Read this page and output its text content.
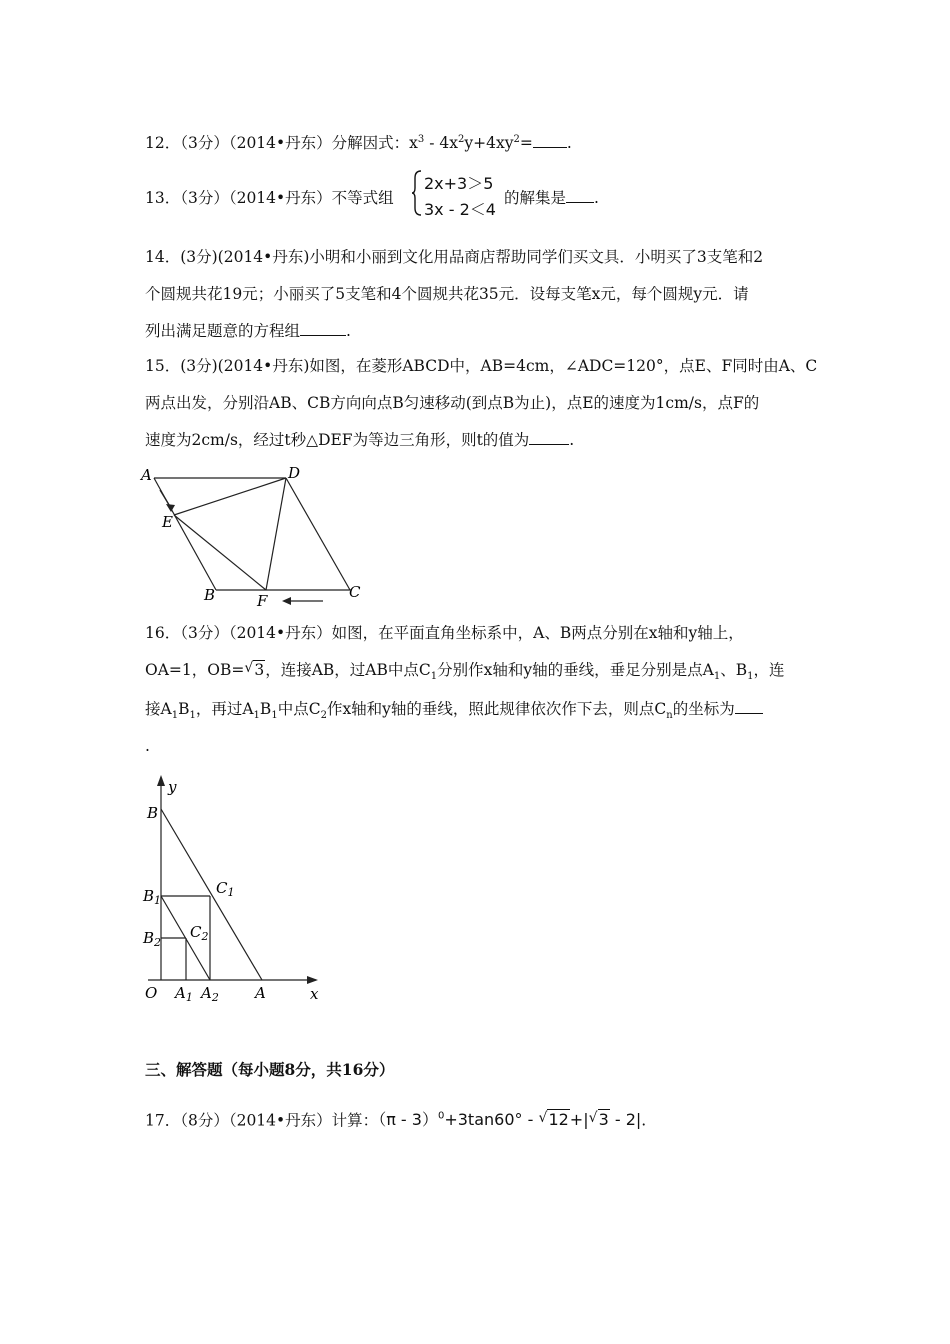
12．（3分）（2014•丹东）分解因式：$x^3 - 4x^2y+4xy^2=$ .
13．（3分）（2014•丹东）不等式组
2x+3＞5
3x - 2＜4
的解集是 .
14．(3分)(2014•丹东)小明和小丽到文化用品商店帮助同学们买文具．小明买了3支笔和2
个圆规共花19元；小丽买了5支笔和4个圆规共花35元．设每支笔x元，每个圆规y元．请
列出满足题意的方程组	.
15．(3分)(2014•丹东)如图，在菱形ABCD中，AB=4cm，∠ADC=120°，点E、F同时由A、C
两点出发，分别沿AB、CB方向向点B匀速移动(到点B为止)，点E的速度为1cm/s，点F的
速度为2cm/s，经过t秒△DEF为等边三角形，则t的值为	.
A	D
E
B	F	C
16．（3分）（2014•丹东）如图，在平面直角坐标系中，A、B两点分别在x轴和y轴上，
OA=1，OB= √ 3，连接AB，过AB中点$C_1$分别作x轴和y轴的垂线，垂足分别是点$A_1$、$B_1$，连
接$A_1B_1$，再过$A_1B_1$中点$C_2$作x轴和y轴的垂线，照此规律依次作下去，则点$C_n$的坐标为
.
y
x
B
$B_1$
$B_2$
$C_1$
$C_2$
O $A_1$ $A_2$ A
三、解答题（每小题8分，共16分）
17．（8分）（2014•丹东）计算：（π - 3）$^0$+3tan60° - √ 12+| √ 3 - 2|.
